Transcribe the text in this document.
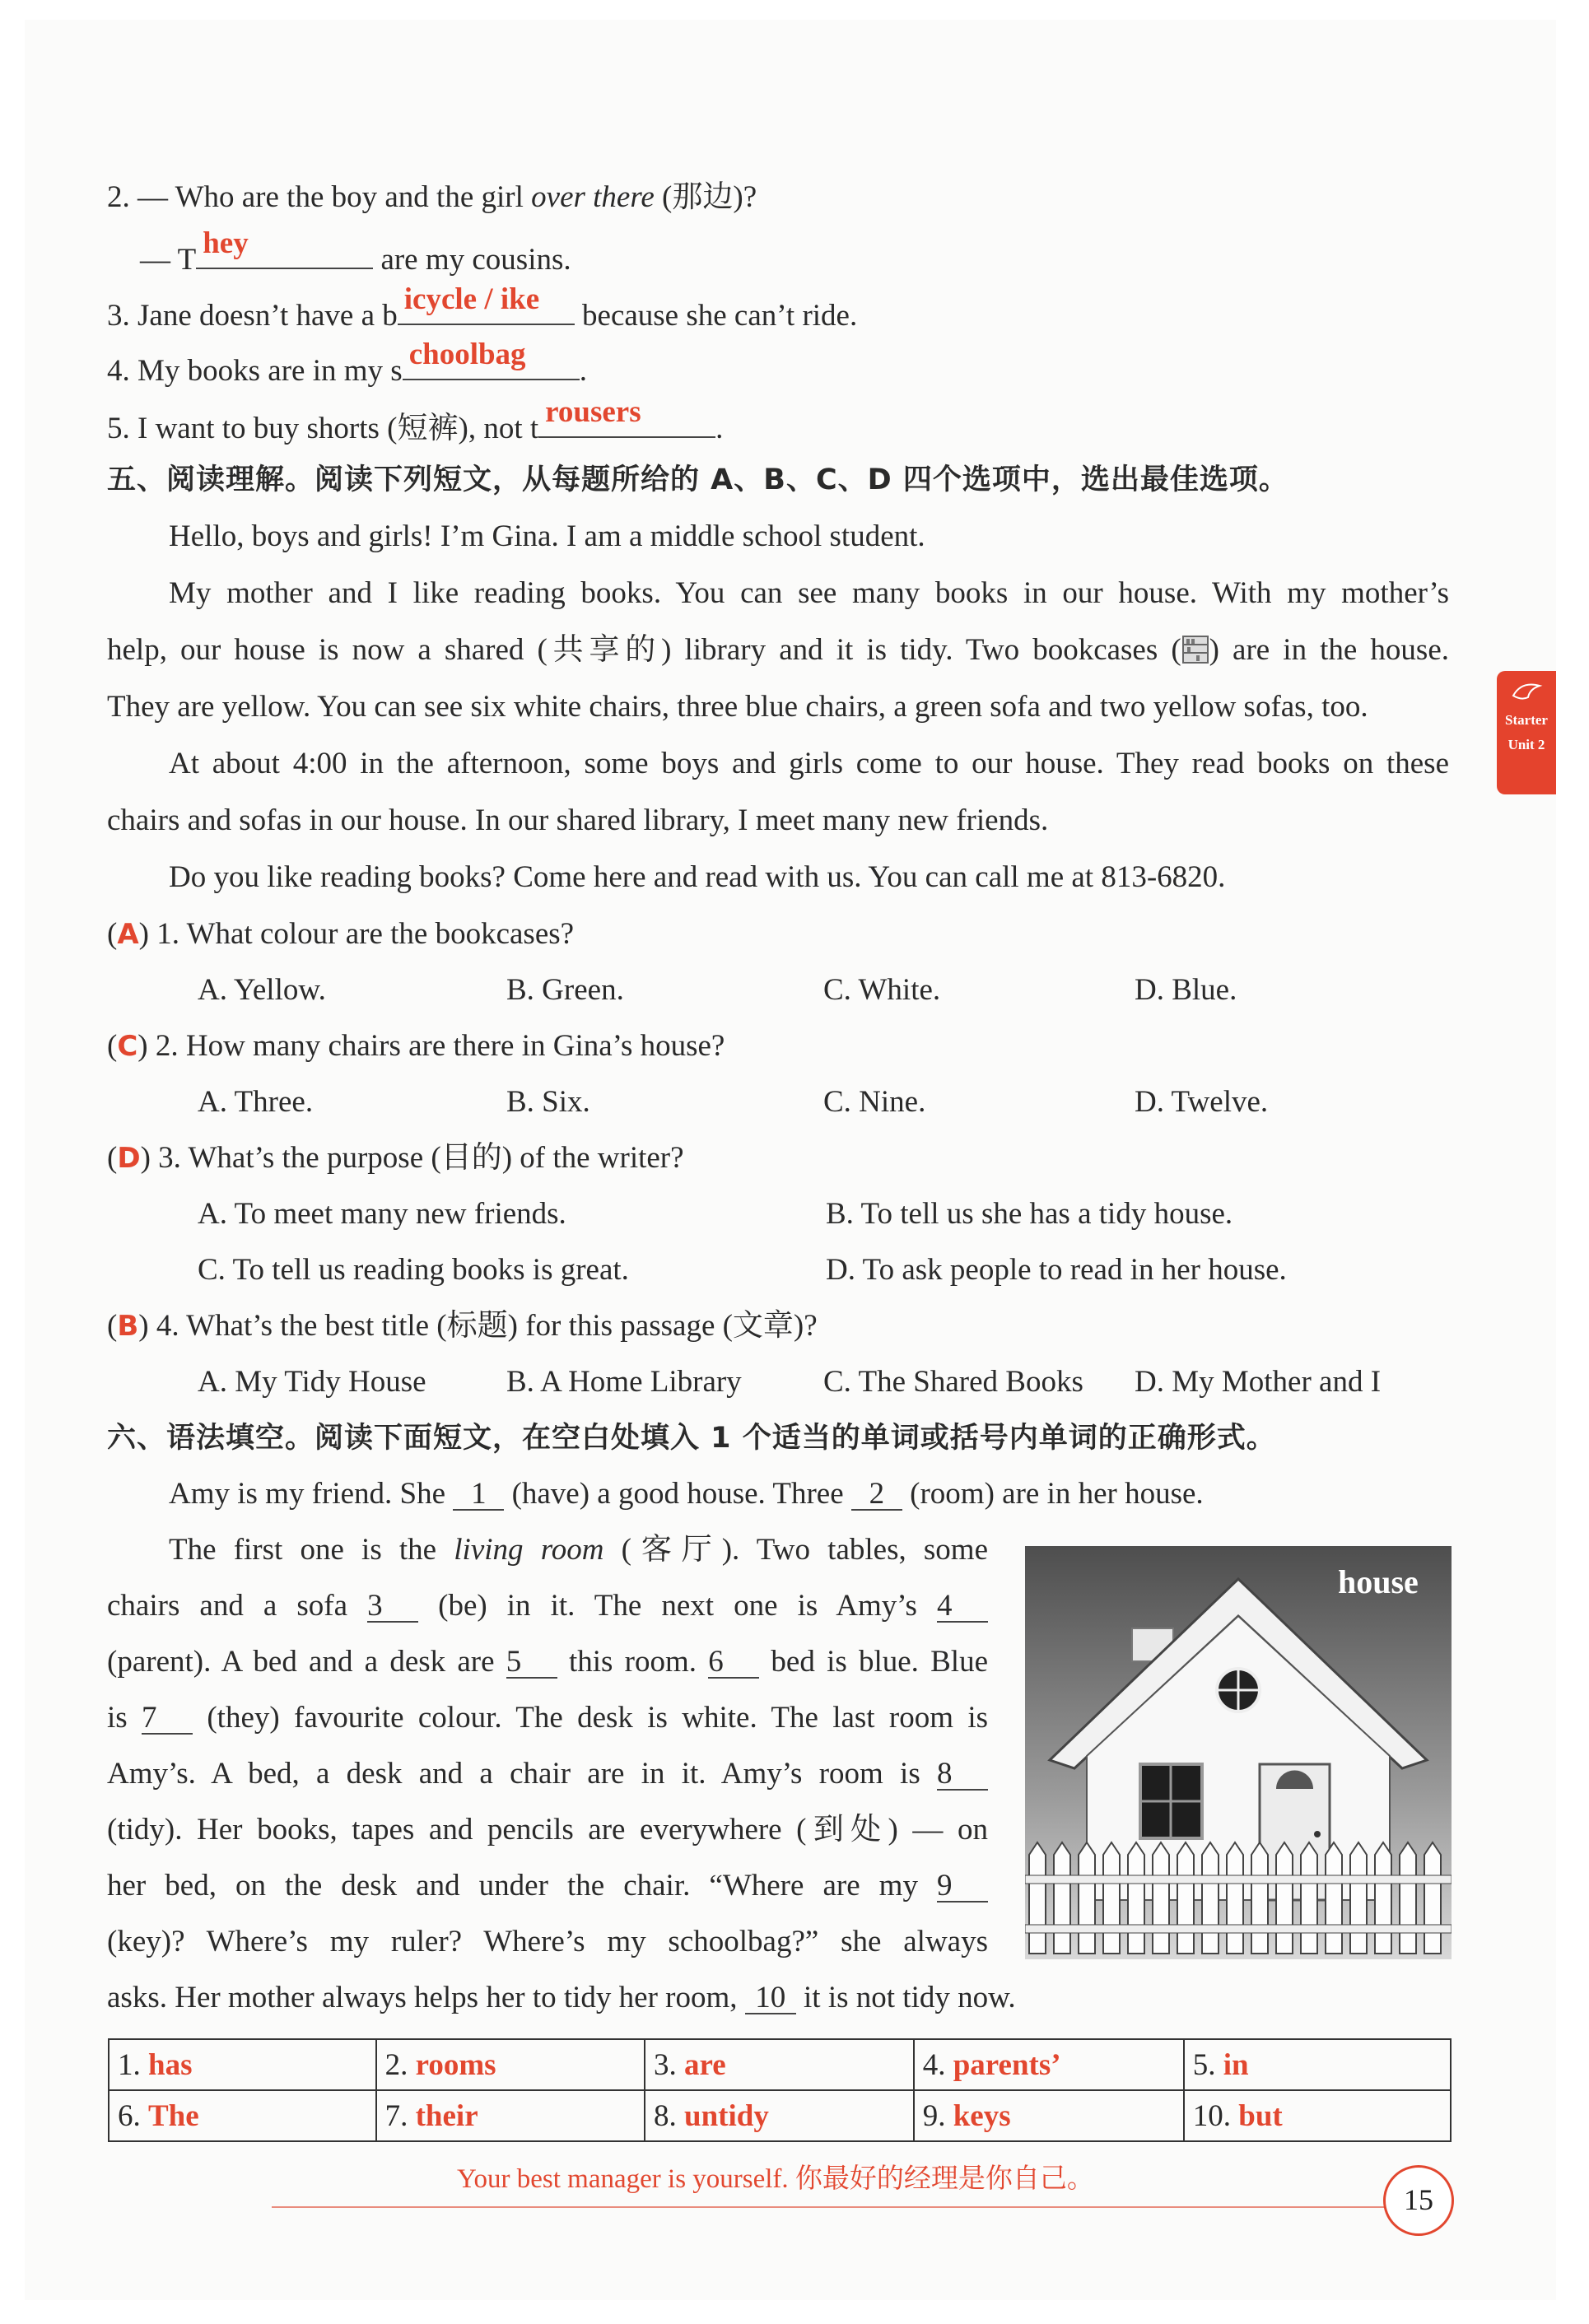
2. — Who are the boy and the girl over there (那边)?
— T hey	are my cousins.
3. Jane doesn’t have a b icycle / ike because she can’t ride.
4. My books are in my s choolbag .
5. I want to buy shorts (短裤), not t rousers .
五、阅读理解。阅读下列短文，从每题所给的 A、B、C、D 四个选项中，选出最佳选项。
Hello, boys and girls! I’m Gina. I am a middle school student.
My mother and I like reading books. You can see many books in our house. With my mother’s
help, our house is now a shared (共享的) library and it is tidy. Two bookcases ( ) are in the house.
They are yellow. You can see six white chairs, three blue chairs, a green sofa and two yellow sofas, too.
At about 4:00 in the afternoon, some boys and girls come to our house. They read books on these
chairs and sofas in our house. In our shared library, I meet many new friends.
Do you like reading books? Come here and read with us. You can call me at 813-6820.
(A) 1. What colour are the bookcases?
A. Yellow.	B. Green.	C. White.	D. Blue.
(C) 2. How many chairs are there in Gina’s house?
A. Three.	B. Six.	C. Nine.	D. Twelve.
(D) 3. What’s the purpose (目的) of the writer?
A. To meet many new friends.	B. To tell us she has a tidy house.
C. To tell us reading books is great.	D. To ask people to read in her house.
(B) 4. What’s the best title (标题) for this passage (文章)?
A. My Tidy House	B. A Home Library	C. The Shared Books D. My Mother and I
六、语法填空。阅读下面短文，在空白处填入 1 个适当的单词或括号内单词的正确形式。
Amy is my friend. She 1 (have) a good house. Three 2 (room) are in her house.
The first one is the living room (客厅). Two tables, some
chairs and a sofa 3 (be) in it. The next one is Amy’s 4
(parent). A bed and a desk are 5 this room. 6 bed is blue. Blue
is 7 (they) favourite colour. The desk is white. The last room is
Amy’s. A bed, a desk and a chair are in it. Amy’s room is 8
(tidy). Her books, tapes and pencils are everywhere (到处) — on
her bed, on the desk and under the chair. “Where are my 9
(key)? Where’s my ruler? Where’s my schoolbag?” she always
asks. Her mother always helps her to tidy her room, 10 it is not tidy now.
house
1. has	2. rooms	3. are	4. parents’	5. in
6. The	7. their	8. untidy	9. keys	10. but
Starter
Unit 2
Your best manager is yourself. 你最好的经理是你自己。
15
